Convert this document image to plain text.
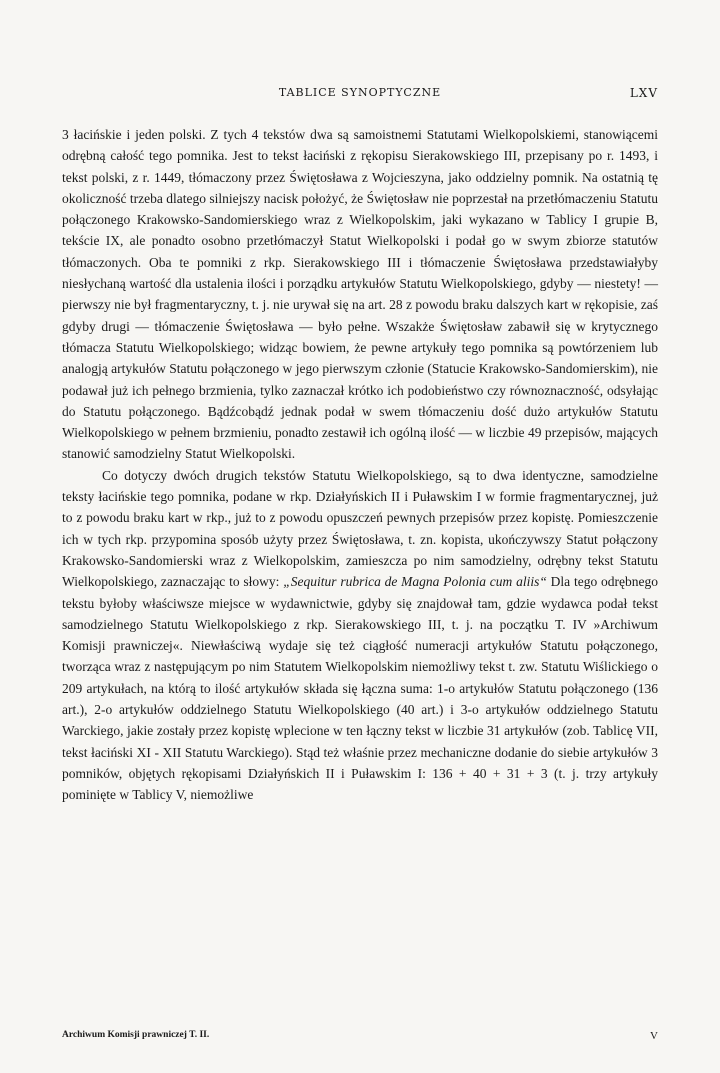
TABLICE SYNOPTYCZNE	LXV

3 łacińskie i jeden polski. Z tych 4 tekstów dwa są samoistnemi Statutami Wielkopolskiemi, stanowiącemi odrębną całość tego pomnika. Jest to tekst łaciński z rękopisu Sierakowskiego III, przepisany po r. 1493, i tekst polski, z r. 1449, tłómaczony przez Świętosława z Wojcieszyna, jako oddzielny pomnik. Na ostatnią tę okoliczność trzeba dlatego silniejszy nacisk położyć, że Świętosław nie poprzestał na przetłómaczeniu Statutu połączonego Krakowsko-Sandomierskiego wraz z Wielkopolskim, jaki wykazano w Tablicy I grupie B, tekście IX, ale ponadto osobno przetłómaczył Statut Wielkopolski i podał go w swym zbiorze statutów tłómaczonych. Oba te pomniki z rkp. Sierakowskiego III i tłómaczenie Świętosława przedstawiałyby niesłychaną wartość dla ustalenia ilości i porządku artykułów Statutu Wielkopolskiego, gdyby — niestety! — pierwszy nie był fragmentaryczny, t. j. nie urywał się na art. 28 z powodu braku dalszych kart w rękopisie, zaś gdyby drugi — tłómaczenie Świętosława — było pełne. Wszakże Świętosław zabawił się w krytycznego tłómacza Statutu Wielkopolskiego; widząc bowiem, że pewne artykuły tego pomnika są powtórzeniem lub analogją artykułów Statutu połączonego w jego pierwszym członie (Statucie Krakowsko-Sandomierskim), nie podawał już ich pełnego brzmienia, tylko zaznaczał krótko ich podobieństwo czy równoznaczność, odsyłając do Statutu połączonego. Bądźcobądź jednak podał w swem tłómaczeniu dość dużo artykułów Statutu Wielkopolskiego w pełnem brzmieniu, ponadto zestawił ich ogólną ilość — w liczbie 49 przepisów, mających stanowić samodzielny Statut Wielkopolski.

Co dotyczy dwóch drugich tekstów Statutu Wielkopolskiego, są to dwa identyczne, samodzielne teksty łacińskie tego pomnika, podane w rkp. Działyńskich II i Puławskim I w formie fragmentarycznej, już to z powodu braku kart w rkp., już to z powodu opuszczeń pewnych przepisów przez kopistę. Pomieszczenie ich w tych rkp. przypomina sposób użyty przez Świętosława, t. zn. kopista, ukończywszy Statut połączony Krakowsko-Sandomierski wraz z Wielkopolskim, zamieszcza po nim samodzielny, odrębny tekst Statutu Wielkopolskiego, zaznaczając to słowy: „Sequitur rubrica de Magna Polonia cum aliis“ Dla tego odrębnego tekstu byłoby właściwsze miejsce w wydawnictwie, gdyby się znajdował tam, gdzie wydawca podał tekst samodzielnego Statutu Wielkopolskiego z rkp. Sierakowskiego III, t. j. na początku T. IV »Archiwum Komisji prawniczej«. Niewłaściwą wydaje się też ciągłość numeracji artykułów Statutu połączonego, tworząca wraz z następującym po nim Statutem Wielkopolskim niemożliwy tekst t. zw. Statutu Wiślickiego o 209 artykułach, na którą to ilość artykułów składa się łączna suma: 1-o artykułów Statutu połączonego (136 art.), 2-o artykułów oddzielnego Statutu Wielkopolskiego (40 art.) i 3-o artykułów oddzielnego Statutu Warckiego, jakie zostały przez kopistę wplecione w ten łączny tekst w liczbie 31 artykułów (zob. Tablicę VII, tekst łaciński XI - XII Statutu Warckiego). Stąd też właśnie przez mechaniczne dodanie do siebie artykułów 3 pomników, objętych rękopisami Działyńskich II i Puławskim I: 136 + 40 + 31 + 3 (t. j. trzy artykuły pominięte w Tablicy V, niemożliwe

Archiwum Komisji prawniczej T. II.	V
